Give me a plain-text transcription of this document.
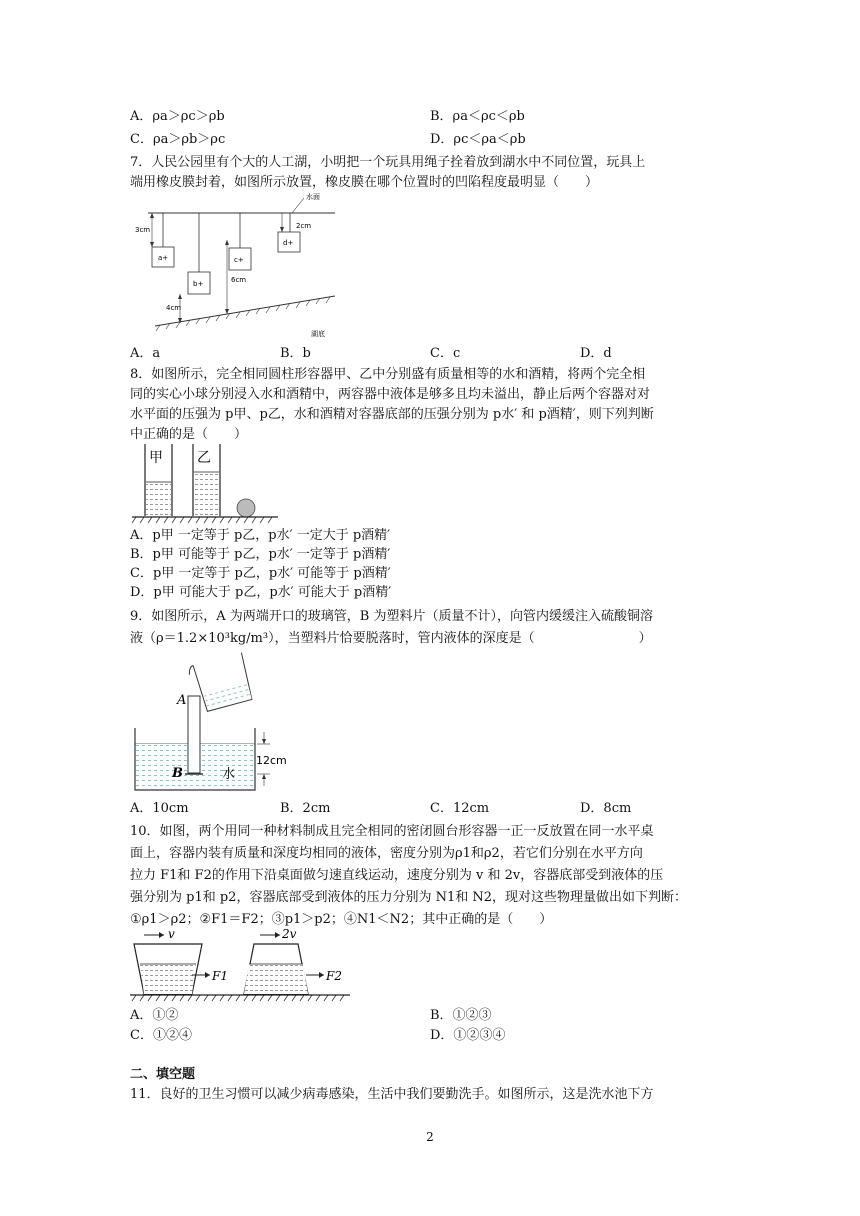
A．ρa＞ρc＞ρb	B．ρa＜ρc＜ρb
C．ρa＞ρb＞ρc	D．ρc＜ρa＜ρb
7．人民公园里有个大的人工湖，小明把一个玩具用绳子拴着放到湖水中不同位置，玩具上
端用橡皮膜封着，如图所示放置，橡皮膜在哪个位置时的凹陷程度最明显（　　）
水面
3cm
a+
b+
4cm
c+
6cm
d+
2cm
湖底
A．a	B．b	C．c	D．d
8．如图所示，完全相同圆柱形容器甲、乙中分别盛有质量相等的水和酒精，将两个完全相
同的实心小球分别浸入水和酒精中，两容器中液体是够多且均未溢出，静止后两个容器对对
水平面的压强为 p甲、p乙，水和酒精对容器底部的压强分别为 p水′ 和 p酒精′，则下列判断
中正确的是（　　）
甲 乙
A．p甲 一定等于 p乙，p水′ 一定大于 p酒精′
B．p甲 可能等于 p乙，p水′ 一定等于 p酒精′
C．p甲 一定等于 p乙，p水′ 可能等于 p酒精′
D．p甲 可能大于 p乙，p水′ 可能大于 p酒精′
9．如图所示，A 为两端开口的玻璃管，B 为塑料片（质量不计），向管内缓缓注入硫酸铜溶
液（ρ＝1.2×10³kg/m³），当塑料片恰要脱落时，管内液体的深度是（　　　　　　　　）
A
B	水
12cm
A．10cm	B．2cm	C．12cm	D．8cm
10．如图，两个用同一种材料制成且完全相同的密闭圆台形容器一正一反放置在同一水平桌
面上，容器内装有质量和深度均相同的液体，密度分别为ρ1和ρ2，若它们分别在水平方向
拉力 F1和 F2的作用下沿桌面做匀速直线运动，速度分别为 v 和 2v，容器底部受到液体的压
强分别为 p1和 p2，容器底部受到液体的压力分别为 N1和 N2，现对这些物理量做出如下判断：
①ρ1＞ρ2；②F1＝F2；③p1＞p2；④N1＜N2；其中正确的是（　　）
v
F1
2v
F2
A．①②	B．①②③
C．①②④	D．①②③④
二、填空题
11．良好的卫生习惯可以减少病毒感染，生活中我们要勤洗手。如图所示，这是洗水池下方
2
